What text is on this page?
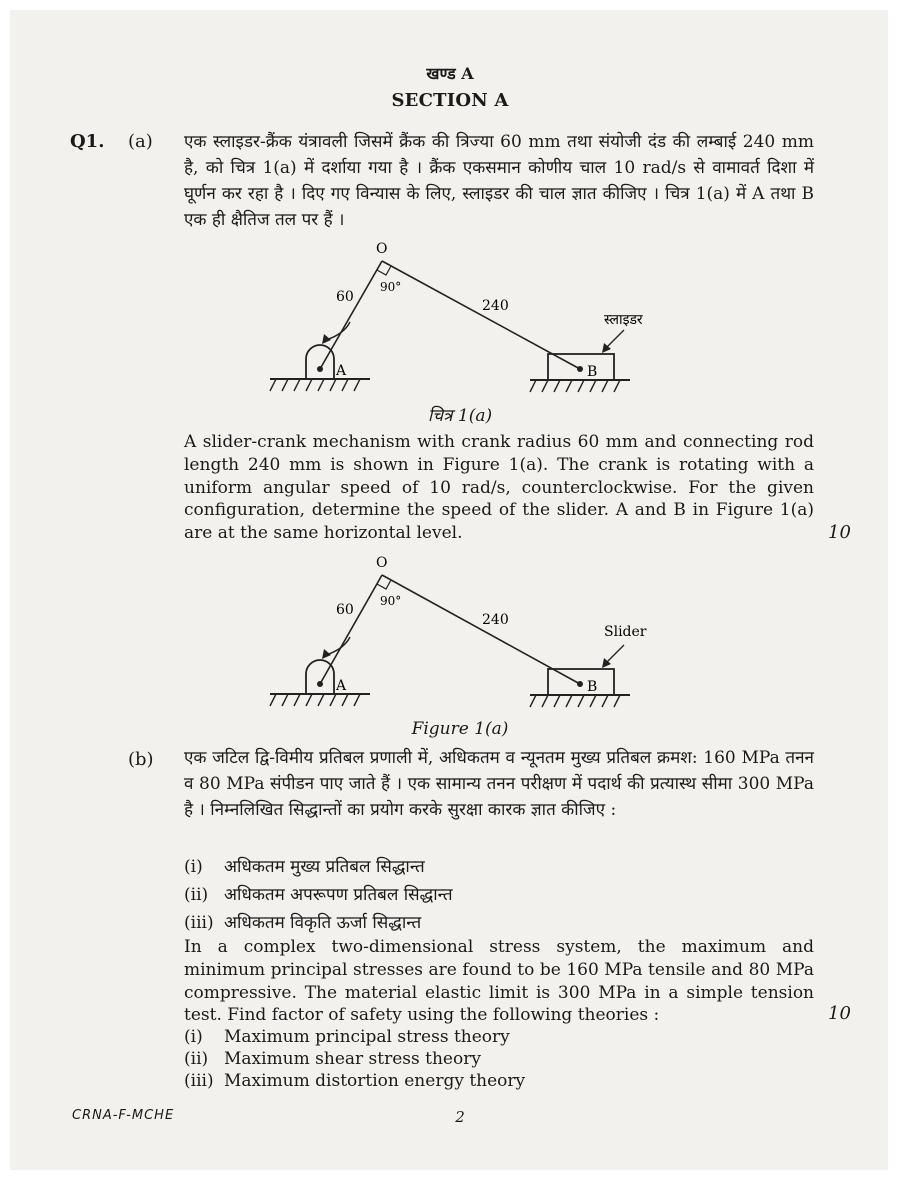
खण्ड A
SECTION A
Q1. (a) एक स्लाइडर-क्रैंक यंत्रावली जिसमें क्रैंक की त्रिज्या 60 mm तथा संयोजी दंड की लम्बाई 240 mm है, को चित्र 1(a) में दर्शाया गया है । क्रैंक एकसमान कोणीय चाल 10 rad/s से वामावर्त दिशा में घूर्णन कर रहा है । दिए गए विन्यास के लिए, स्लाइडर की चाल ज्ञात कीजिए । चित्र 1(a) में A तथा B एक ही क्षैतिज तल पर हैं ।
O
A	B
60
240
90°
स्लाइडर
चित्र 1(a)
A slider-crank mechanism with crank radius 60 mm and connecting rod length 240 mm is shown in Figure 1(a). The crank is rotating with a uniform angular speed of 10 rad/s, counterclockwise. For the given configuration, determine the speed of the slider. A and B in Figure 1(a) are at the same horizontal level.	10
O
A	B
60
240
90°
Slider
Figure 1(a)
(b) एक जटिल द्वि-विमीय प्रतिबल प्रणाली में, अधिकतम व न्यूनतम मुख्य प्रतिबल क्रमश: 160 MPa तनन व 80 MPa संपीडन पाए जाते हैं । एक सामान्य तनन परीक्षण में पदार्थ की प्रत्यास्थ सीमा 300 MPa है । निम्नलिखित सिद्धान्तों का प्रयोग करके सुरक्षा कारक ज्ञात कीजिए :
(i) अधिकतम मुख्य प्रतिबल सिद्धान्त
(ii) अधिकतम अपरूपण प्रतिबल सिद्धान्त
(iii) अधिकतम विकृति ऊर्जा सिद्धान्त
In a complex two-dimensional stress system, the maximum and minimum principal stresses are found to be 160 MPa tensile and 80 MPa compressive. The material elastic limit is 300 MPa in a simple tension test. Find factor of safety using the following theories :	10
(i) Maximum principal stress theory
(ii) Maximum shear stress theory
(iii) Maximum distortion energy theory
CRNA-F-MCHE	2
